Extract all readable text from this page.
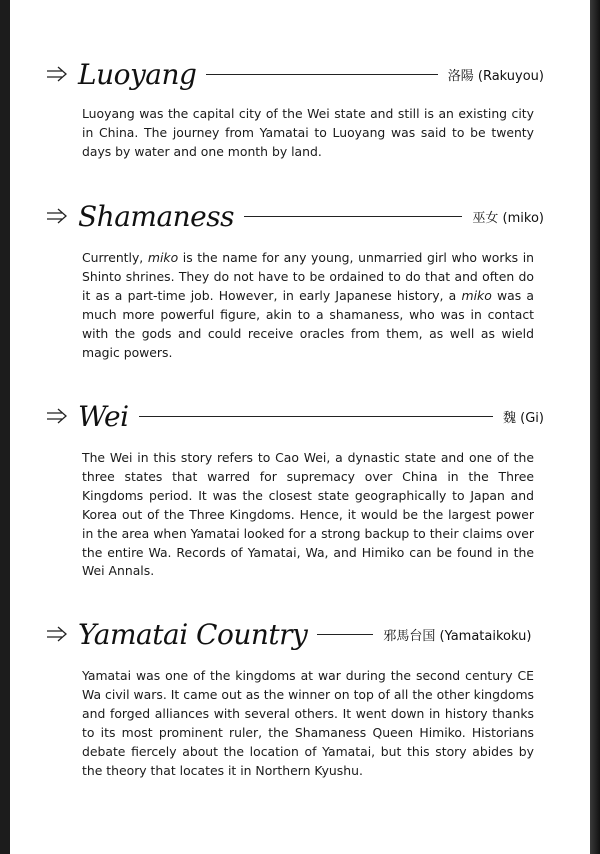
Luoyang	洛陽 (Rakuyou)

Luoyang was the capital city of the Wei state and still is an existing city in China. The journey from Yamatai to Luoyang was said to be twenty days by water and one month by land.

Shamaness	巫女 (miko)

Currently, miko is the name for any young, unmarried girl who works in Shinto shrines. They do not have to be ordained to do that and often do it as a part-time job. However, in early Japanese history, a miko was a much more powerful figure, akin to a shamaness, who was in contact with the gods and could receive oracles from them, as well as wield magic powers.

Wei	魏 (Gi)

The Wei in this story refers to Cao Wei, a dynastic state and one of the three states that warred for supremacy over China in the Three Kingdoms period. It was the closest state geographically to Japan and Korea out of the Three Kingdoms. Hence, it would be the largest power in the area when Yamatai looked for a strong backup to their claims over the entire Wa. Records of Yamatai, Wa, and Himiko can be found in the Wei Annals.

Yamatai Country	邪馬台国 (Yamataikoku)

Yamatai was one of the kingdoms at war during the second century CE Wa civil wars. It came out as the winner on top of all the other kingdoms and forged alliances with several others. It went down in history thanks to its most prominent ruler, the Shamaness Queen Himiko. Historians debate fiercely about the location of Yamatai, but this story abides by the theory that locates it in Northern Kyushu.
